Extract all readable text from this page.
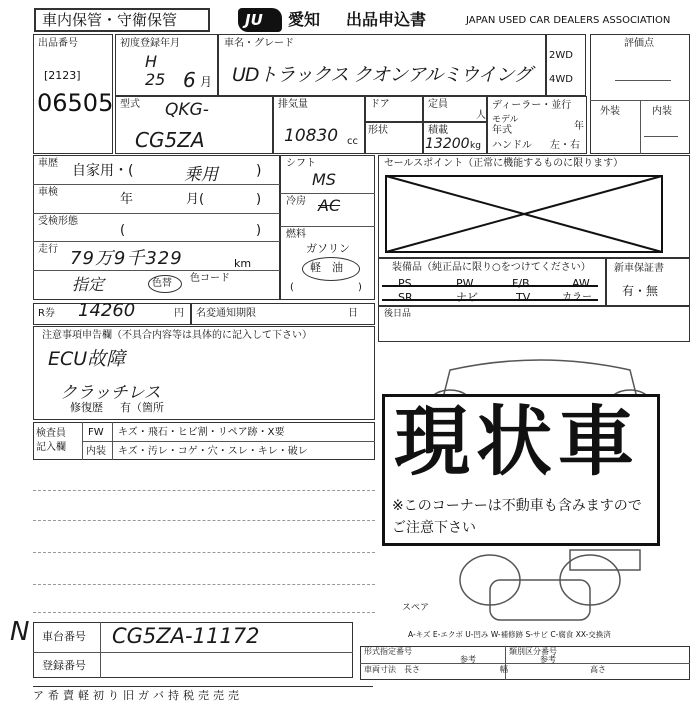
車内保管・守衛保管	JU 愛知 出品申込書	JAPAN USED CAR DEALERS ASSOCIATION
出品番号
[2123]
06505
初度登録年月
H
25 6 月
車名・グレード
UDトラックス クオンアルミウイング
2WD
4WD
評価点
外装	内装
型式 QKG-
CG5ZA
排気量
10830 cc
ドア	定員
人
形状	積載
13200 kg
ディーラー・並行
モデル
年式	年
ハンドル 左・右
車歴 自家用・(	乗用	)
車検	年	月(	)
受検形態
(	)
走行 79万9千329	km
指定	色替 色コード
シフト
MS
冷房 AC
燃料
ガソリン
軽　油
(	)
セールスポイント（正常に機能するものに限ります）
装備品（純正品に限り○をつけてください）
PS	PW	F/B	AW
SR	ナビ	TV	カラー
新車保証書
有・無
R券 14260	円 名変通知期限	日
注意事項申告欄（不具合内容等は具体的に記入して下さい）
ECU故障
クラッチレス
修復歴 有（箇所
後日品
検査員
記入欄
FW キズ・飛石・ヒビ割・リペア跡・X要
内装 キズ・汚レ・コゲ・穴・スレ・キレ・破レ
スペア
現状車
※このコーナーは不動車も含みますのでご注意下さい
A-キズ E-エクボ U-凹み W-補修跡 S-サビ C-腐食 XX-交換済
N 車台番号 CG5ZA-11172
登録番号
形式指定番号	類別区分番号
参考	参考
車両寸法 長さ	幅	高さ
ア 希 賣 軽 初 り 旧 ガ バ 持 税 売 売 売
